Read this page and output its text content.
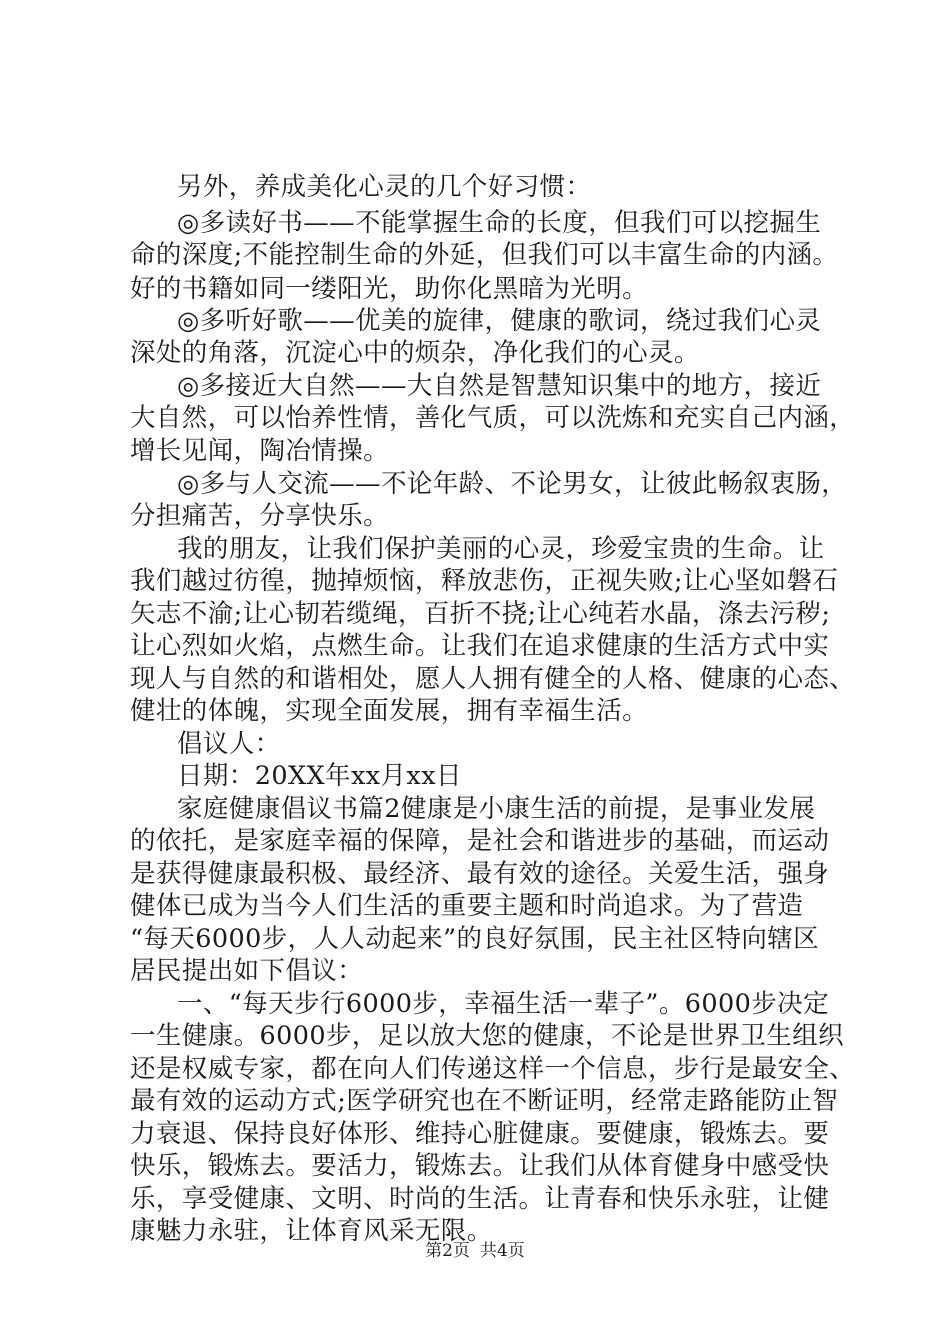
另外，养成美化心灵的几个好习惯：
◎多读好书——不能掌握生命的长度，但我们可以挖掘生
命的深度;不能控制生命的外延，但我们可以丰富生命的内涵。
好的书籍如同一缕阳光，助你化黑暗为光明。
◎多听好歌——优美的旋律，健康的歌词，绕过我们心灵
深处的角落，沉淀心中的烦杂，净化我们的心灵。
◎多接近大自然——大自然是智慧知识集中的地方，接近
大自然，可以怡养性情，善化气质，可以洗炼和充实自己内涵，
增长见闻，陶冶情操。
◎多与人交流——不论年龄、不论男女，让彼此畅叙衷肠，
分担痛苦，分享快乐。
我的朋友，让我们保护美丽的心灵，珍爱宝贵的生命。让
我们越过彷徨，抛掉烦恼，释放悲伤，正视失败;让心坚如磐石
矢志不渝;让心韧若缆绳，百折不挠;让心纯若水晶，涤去污秽;
让心烈如火焰，点燃生命。让我们在追求健康的生活方式中实
现人与自然的和谐相处，愿人人拥有健全的人格、健康的心态、
健壮的体魄，实现全面发展，拥有幸福生活。
倡议人：
日期：20XX年xx月xx日
家庭健康倡议书篇2健康是小康生活的前提，是事业发展
的依托，是家庭幸福的保障，是社会和谐进步的基础，而运动
是获得健康最积极、最经济、最有效的途径。关爱生活，强身
健体已成为当今人们生活的重要主题和时尚追求。为了营造
“每天6000步，人人动起来”的良好氛围，民主社区特向辖区
居民提出如下倡议：
一、“每天步行6000步，幸福生活一辈子”。6000步决定
一生健康。6000步，足以放大您的健康，不论是世界卫生组织
还是权威专家，都在向人们传递这样一个信息，步行是最安全、
最有效的运动方式;医学研究也在不断证明，经常走路能防止智
力衰退、保持良好体形、维持心脏健康。要健康，锻炼去。要
快乐，锻炼去。要活力，锻炼去。让我们从体育健身中感受快
乐，享受健康、文明、时尚的生活。让青春和快乐永驻，让健
康魅力永驻，让体育风采无限。
第2页 共4页
